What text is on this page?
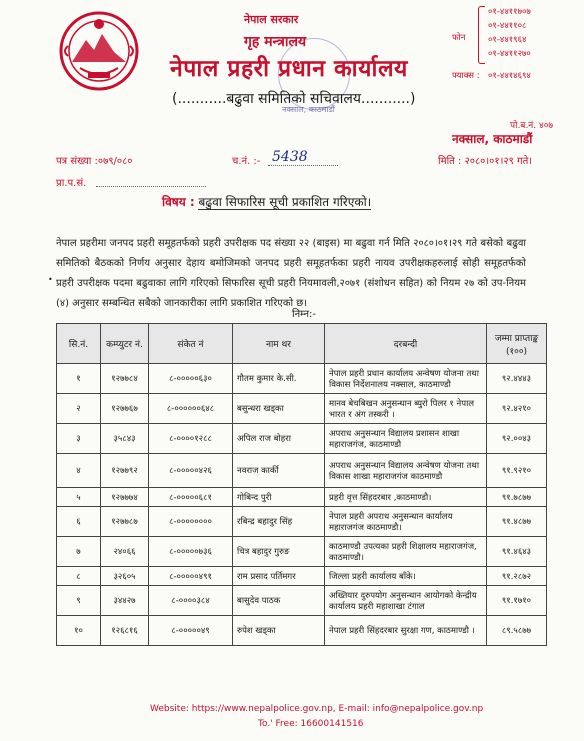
नेपाल सरकार
गृह मन्त्रालय
नेपाल प्रहरी प्रधान कार्यालय
(...........बढुवा समितिको सचिवालय...........)
नक्साल, काठमाडौं
०१-४४११७०७
०१-४४११०८
फोन	०१-४४१९६४
०१-४४११२७०
फ्याक्स : ०१-४४१४६९४
पो.ब.नं. ४०७
नक्साल, काठमाडौं
पत्र संख्या :०७९/०८०	च.नं. :- 5438	मिति : २०८०।०१।२९ गते।
प्रा.प.सं.
विषय : बढुवा सिफारिस सूची प्रकाशित गरिएको।
नेपाल प्रहरीमा जनपद प्रहरी समूहतर्फको प्रहरी उपरीक्षक पद संख्या २२ (बाइस) मा बढुवा गर्न मिति २०८०।०१।२९ गते बसेको बढुवा समितिको बैठकको निर्णय अनुसार देहाय बमोजिमको जनपद प्रहरी समूहतर्फका प्रहरी नायव उपरीक्षकहरुलाई सोही समूहतर्फको प्रहरी उपरीक्षक पदमा बढुवाका लागि गरिएको सिफारिस सूची प्रहरी नियमावली,२०७१ (संशोधन सहित) को नियम २७ को उप-नियम (४) अनुसार सम्बन्धित सबैको जानकारीका लागि प्रकाशित गरिएको छ।
•
निम्न:-
सि.नं.	कम्प्युटर नं.	संकेत नं	नाम थर	दरबन्दी	जम्मा प्राप्ताङ्क (१००)
१	१२७७८४	८-०००००६३०	गौतम कुमार के.सी.	नेपाल प्रहरी प्रधान कार्यालय अन्वेषण योजना तथा विकास निर्देशनालय नक्साल, काठमाण्डौ	९२.४४४३
२	१२७७६७	८-००००००६४८	बसुन्धरा खड्का	मानव बेचबिखन अनुसन्धान ब्युरो पिलर १ नेपाल भारत र अंग तस्करी ।	९२.४२१०
३	३५८४३	८-००००१२८८	अपिल राज बोहरा	अपराध अनुसन्धान विद्यालय प्रशासन शाखा महाराजगंज, काठमाण्डौ	९२.००४३
४	१२७७९२	८-०००००४२६	नवराज कार्की	अपराध अनुसन्धान विद्यालय अन्वेषण योजना तथा विकास शाखा महाराजगंज काठमाण्डौ	९१.९२१०
५	१२७७७४	८-०००००६८१	गोबिन्द पुरी	प्रहरी वृत्त सिंहदरबार ,काठमाण्डौ।	९१.७८७७
६	१२७७८७	८-००००००००	रबिन्द्र बहादुर सिंह	नेपाल प्रहरी अपराध अनुसन्धान कार्यालय महाराजगंज काठमाण्डौ।	९१.४८७७
७	२४०६६	८-०००००७३६	चित्र बहादुर गुरुङ	काठमाण्डौ उपत्यका प्रहरी शिक्षालय महाराजगंज, काठमाण्डौ।	९१.४६४३
८	३२६०५	८-०००००४९१	राम प्रसाद पर्तिमगर	जिल्ला प्रहरी कार्यालय बाँके।	९१.२८७२
९	३४४२७	८-००००३८४	बासुदेव पाठक	अख्तियार दुरुपयोग अनुसन्धान आयोगको केन्द्रीय कार्यालय प्रहरी महाशाखा टंगाल	९१.१७१०
१०	१२६८१६	८-०००००४९	रुपेश खड्का	नेपाल प्रहरी सिंहदरबार सुरक्षा गण, काठमाण्डौ ।	८९.५८७७
Website: https://www.nepalpolice.gov.np, E-mail: info@nepalpolice.gov.np
To.' Free: 16600141516
